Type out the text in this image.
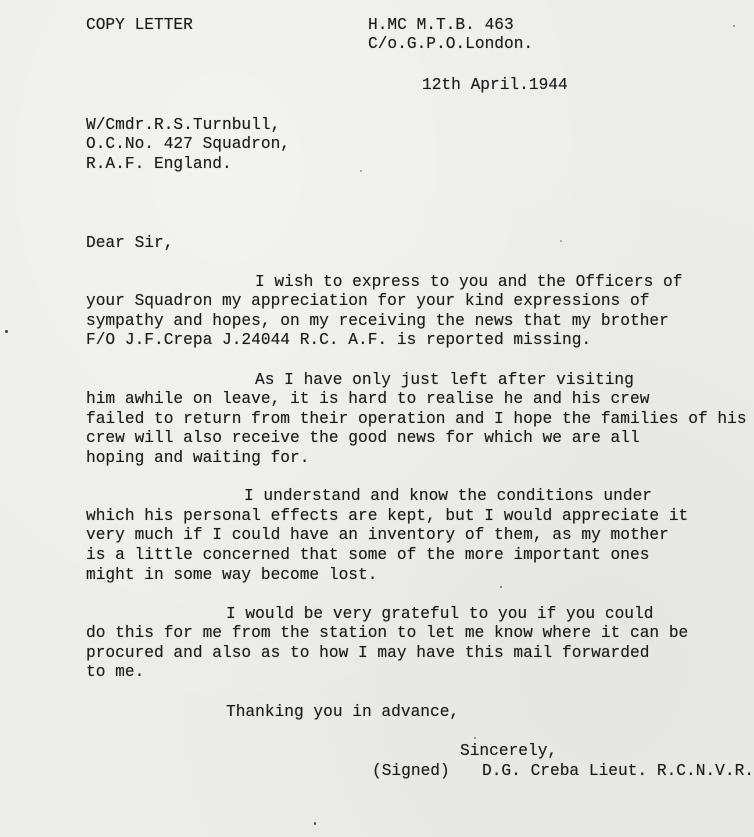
COPY LETTER	H.MC M.T.B. 463
C/o.G.P.O.London.
12th April.1944
W/Cmdr.R.S.Turnbull,
O.C.No. 427 Squadron,
R.A.F. England.
Dear Sir,
I wish to express to you and the Officers of
your Squadron my appreciation for your kind expressions of
sympathy and hopes, on my receiving the news that my brother
F/O J.F.Crepa J.24044 R.C. A.F. is reported missing.
As I have only just left after visiting
him awhile on leave, it is hard to realise he and his crew
failed to return from their operation and I hope the families of his
crew will also receive the good news for which we are all
hoping and waiting for.
I understand and know the conditions under
which his personal effects are kept, but I would appreciate it
very much if I could have an inventory of them, as my mother
is a little concerned that some of the more important ones
might in some way become lost.
I would be very grateful to you if you could
do this for me from the station to let me know where it can be
procured and also as to how I may have this mail forwarded
to me.
Thanking you in advance,
Sincerely,
(Signed) D.G. Creba Lieut. R.C.N.V.R.
